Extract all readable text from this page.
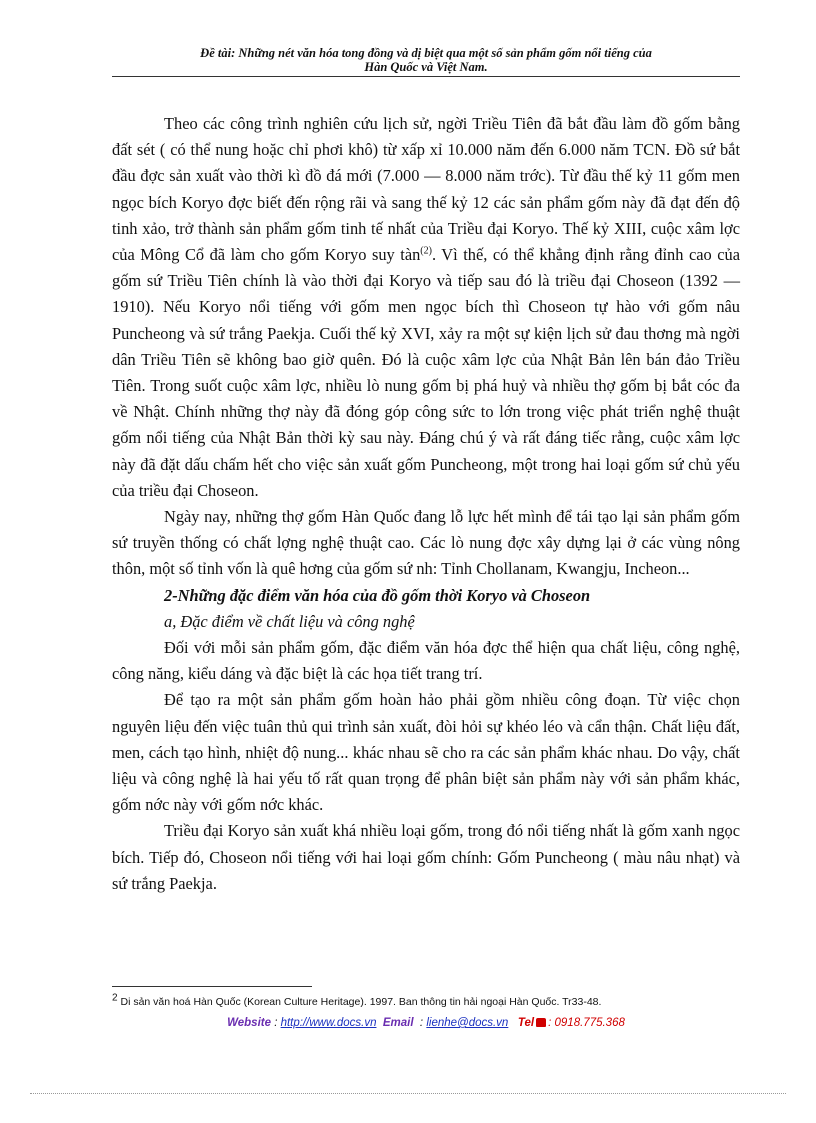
Đề tài: Những nét văn hóa tong đồng và dị biệt qua một số sản phẩm gốm nổi tiếng của
Hàn Quốc và Việt Nam.

Theo các công trình nghiên cứu lịch sử, ngời Triều Tiên đã bắt đầu làm đồ gốm bằng đất sét ( có thể nung hoặc chỉ phơi khô) từ xấp xỉ 10.000 năm đến 6.000 năm TCN. Đồ sứ bắt đầu đợc sản xuất vào thời kì đồ đá mới (7.000 — 8.000 năm trớc). Từ đầu thế kỷ 11 gốm men ngọc bích Koryo đợc biết đến rộng rãi và sang thế kỷ 12 các sản phẩm gốm này đã đạt đến độ tinh xảo, trở thành sản phẩm gốm tinh tế nhất của Triều đại Koryo. Thế kỷ XIII, cuộc xâm lợc của Mông Cổ đã làm cho gốm Koryo suy tàn$^{(2)}$. Vì thế, có thể khẳng định rằng đỉnh cao của gốm sứ Triều Tiên chính là vào thời đại Koryo và tiếp sau đó là triều đại Choseon (1392 — 1910). Nếu Koryo nổi tiếng với gốm men ngọc bích thì Choseon tự hào với gốm nâu Puncheong và sứ trắng Paekja. Cuối thế kỷ XVI, xảy ra một sự kiện lịch sử đau thơng mà ngời dân Triều Tiên sẽ không bao giờ quên. Đó là cuộc xâm lợc của Nhật Bản lên bán đảo Triều Tiên. Trong suốt cuộc xâm lợc, nhiều lò nung gốm bị phá huỷ và nhiều thợ gốm bị bắt cóc đa về Nhật. Chính những thợ này đã đóng góp công sức to lớn trong việc phát triển nghệ thuật gốm nổi tiếng của Nhật Bản thời kỳ sau này. Đáng chú ý và rất đáng tiếc rằng, cuộc xâm lợc này đã đặt dấu chấm hết cho việc sản xuất gốm Puncheong, một trong hai loại gốm sứ chủ yếu của triều đại Choseon.

Ngày nay, những thợ gốm Hàn Quốc đang lỗ lực hết mình để tái tạo lại sản phẩm gốm sứ truyền thống có chất lợng nghệ thuật cao. Các lò nung đợc xây dựng lại ở các vùng nông thôn, một số tỉnh vốn là quê hơng của gốm sứ nh: Tỉnh Chollanam, Kwangju, Incheon...

2-Những đặc điểm văn hóa của đồ gốm thời Koryo và Choseon

a, Đặc điểm về chất liệu và công nghệ

Đối với mỗi sản phẩm gốm, đặc điểm văn hóa đợc thể hiện qua chất liệu, công nghệ, công năng, kiểu dáng và đặc biệt là các họa tiết trang trí.

Để tạo ra một sản phẩm gốm hoàn hảo phải gồm nhiều công đoạn. Từ việc chọn nguyên liệu đến việc tuân thủ qui trình sản xuất, đòi hỏi sự khéo léo và cẩn thận. Chất liệu đất, men, cách tạo hình, nhiệt độ nung... khác nhau sẽ cho ra các sản phẩm khác nhau. Do vậy, chất liệu và công nghệ là hai yếu tố rất quan trọng để phân biệt sản phẩm này với sản phẩm khác, gốm nớc này với gốm nớc khác.

Triều đại Koryo sản xuất khá nhiều loại gốm, trong đó nổi tiếng nhất là gốm xanh ngọc bích. Tiếp đó, Choseon nổi tiếng với hai loại gốm chính: Gốm Puncheong ( màu nâu nhạt) và sứ trắng Paekja.

$^2$ Di sản văn hoá Hàn Quốc (Korean Culture Heritage). 1997. Ban thông tin hải ngoại Hàn Quốc. Tr33-48.
Website : http://www.docs.vn Email  : lienhe@docs.vn Tel : 0918.775.368
